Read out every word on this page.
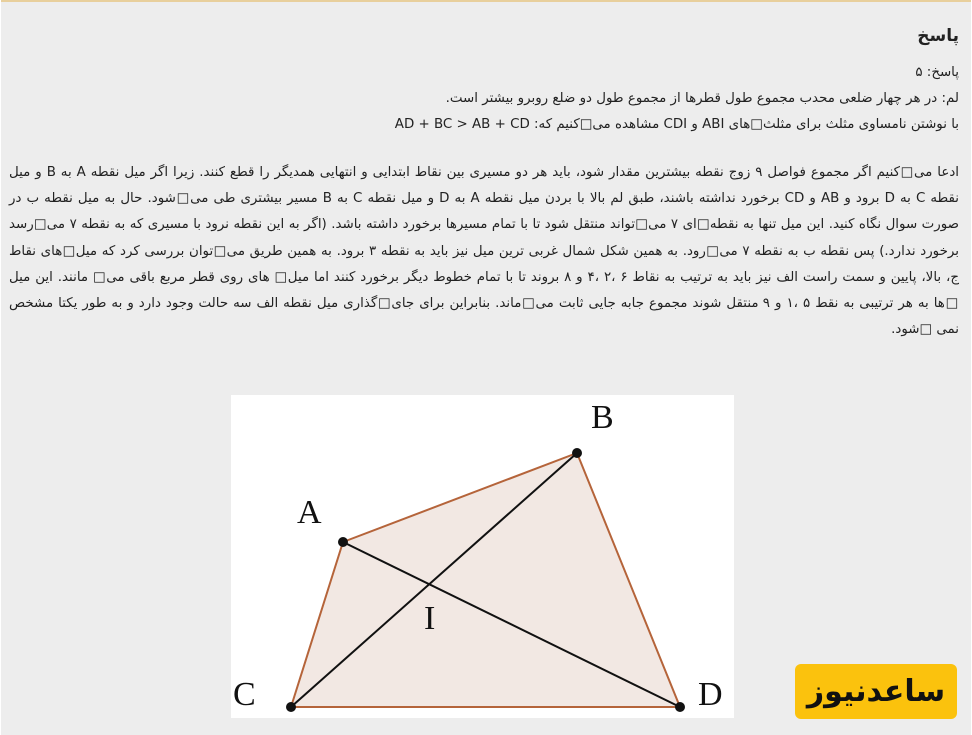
پاسخ

پاسخ: ۵

لم: در هر چهار ضلعی محدب مجموع طول قطرها از مجموع طول دو ضلع روبرو بیشتر است.

با نوشتن نامساوی مثلث برای مثلث□های ABI و CDI مشاهده می□کنیم که: AD + BC > AB + CD

ادعا می□کنیم اگر مجموع فواصل ۹ زوج نقطه بیشترین مقدار شود، باید هر دو مسیری بین نقاط ابتدایی و انتهایی همدیگر را قطع کنند. زیرا اگر میل نقطه A به B و میل نقطه C به D برود و AB و CD برخورد نداشته باشند، طبق لم بالا با بردن میل نقطه A به D و میل نقطه C به B مسیر بیشتری طی می□شود. حال به میل نقطه ب در صورت سوال نگاه کنید. این میل تنها به نقطه□ای ۷ می□تواند منتقل شود تا با تمام مسیرها برخورد داشته باشد. (اگر به این نقطه نرود با مسیری که به نقطه ۷ می□رسد برخورد ندارد.) پس نقطه ب به نقطه ۷ می□رود. به همین شکل شمال غربی ترین میل نیز باید به نقطه ۳ برود. به همین طریق می□توان بررسی کرد که میل□های نقاط ج، بالا، پایین و سمت راست الف نیز باید به ترتیب به نقاط ۶ ،۲ ،۴ و ۸ بروند تا با تمام خطوط دیگر برخورد کنند اما میل□ های روی قطر مربع باقی می□ مانند. این میل □ها به هر ترتیبی به نقط ۵ ،۱ و ۹ منتقل شوند مجموع جابه جایی ثابت می□ماند. بنابراین برای جای□گذاری میل نقطه الف سه حالت وجود دارد و به طور یکتا مشخص نمی □شود.

A
B
C	D
I
ساعدنیوز
